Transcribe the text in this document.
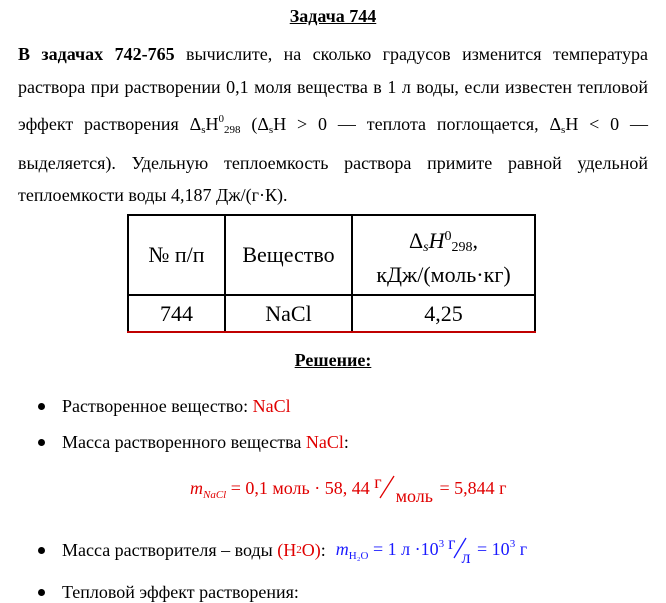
Задача 744
В задачах 742-765 вычислите, на сколько градусов изменится температура раствора при растворении 0,1 моля вещества в 1 л воды, если известен тепловой эффект растворения $\Delta_sH^0_{298}$ ($\Delta_sH > 0$ — теплота поглощается, $\Delta_sH < 0$ — выделяется). Удельную теплоемкость раствора примите равной удельной теплоемкости воды 4,187 Дж/(г·К).
№ п/п	Вещество	$\Delta_sH^0_{298}$,
кДж/(моль·кг)

744	NaCl	4,25
Решение:
Растворенное вещество:
NaCl
Масса растворенного вещества
NaCl :
$m_{NaCl} = 0,1$ моль · 58, 44 г
моль = 5,844 г
Масса растворителя – воды
(H 2 O) : $m_{H_2O} = 1$ $л \cdot 10^3$ г
$л = 10^3$ г
Тепловой эффект растворения:
